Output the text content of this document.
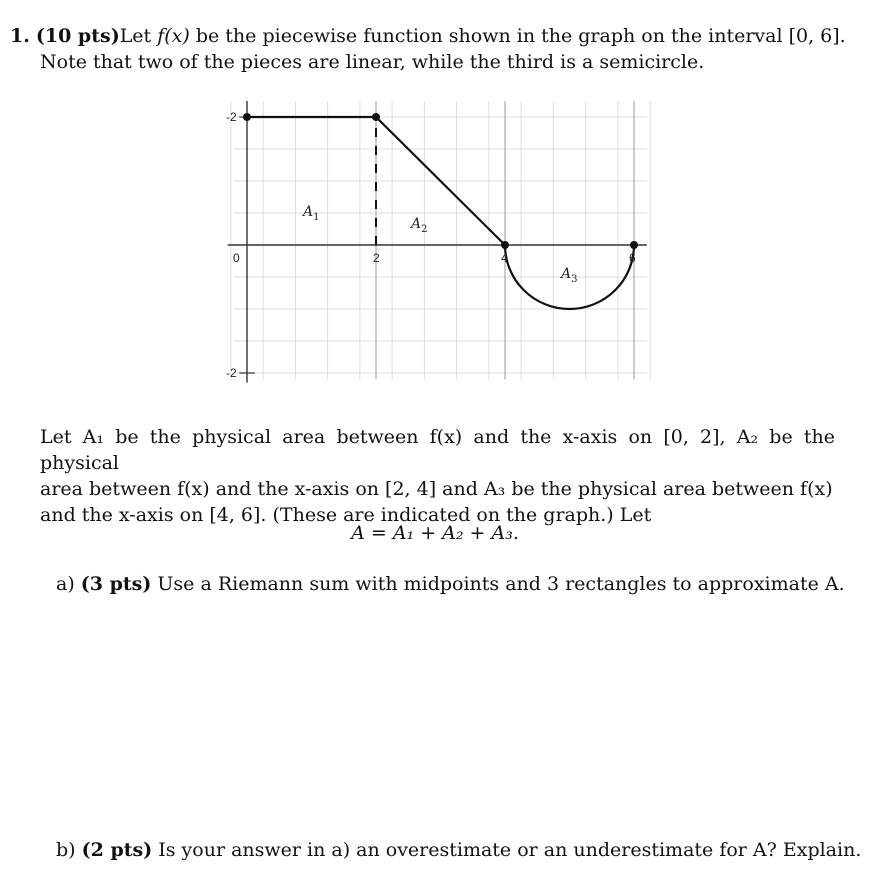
1. (10 pts)Let f(x) be the piecewise function shown in the graph on the interval [0, 6].
Note that two of the pieces are linear, while the third is a semicircle.
-2
-2
0	2	4	6
$A_1$	$A_2$
$A_3$
Let A₁ be the physical area between f(x) and the x-axis on [0, 2], A₂ be the physical
area between f(x) and the x-axis on [2, 4] and A₃ be the physical area between f(x)
and the x-axis on [4, 6]. (These are indicated on the graph.) Let
A = A₁ + A₂ + A₃.
a) (3 pts) Use a Riemann sum with midpoints and 3 rectangles to approximate A.
b) (2 pts) Is your answer in a) an overestimate or an underestimate for A? Explain.
